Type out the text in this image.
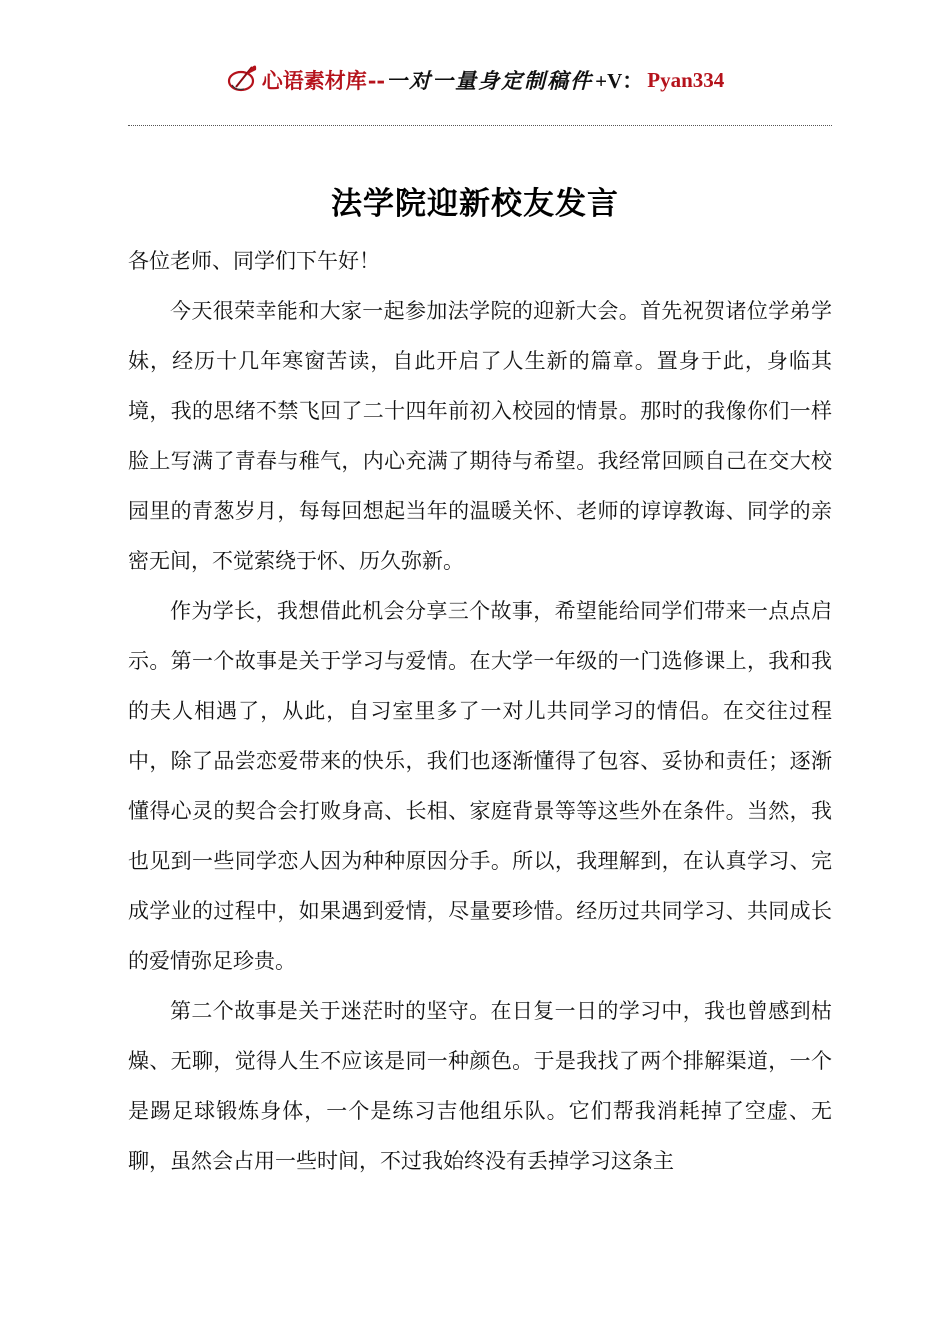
心语素材库 -- 一对一量身定制稿件 +V： Pyan334
法学院迎新校友发言

各位老师、同学们下午好！

今天很荣幸能和大家一起参加法学院的迎新大会。首先祝贺诸位学弟学妹，经历十几年寒窗苦读，自此开启了人生新的篇章。置身于此，身临其境，我的思绪不禁飞回了二十四年前初入校园的情景。那时的我像你们一样脸上写满了青春与稚气，内心充满了期待与希望。我经常回顾自己在交大校园里的青葱岁月，每每回想起当年的温暖关怀、老师的谆谆教诲、同学的亲密无间，不觉萦绕于怀、历久弥新。

作为学长，我想借此机会分享三个故事，希望能给同学们带来一点点启示。第一个故事是关于学习与爱情。在大学一年级的一门选修课上，我和我的夫人相遇了，从此，自习室里多了一对儿共同学习的情侣。在交往过程中，除了品尝恋爱带来的快乐，我们也逐渐懂得了包容、妥协和责任；逐渐懂得心灵的契合会打败身高、长相、家庭背景等等这些外在条件。当然，我也见到一些同学恋人因为种种原因分手。所以，我理解到，在认真学习、完成学业的过程中，如果遇到爱情，尽量要珍惜。经历过共同学习、共同成长的爱情弥足珍贵。

第二个故事是关于迷茫时的坚守。在日复一日的学习中，我也曾感到枯燥、无聊，觉得人生不应该是同一种颜色。于是我找了两个排解渠道，一个是踢足球锻炼身体，一个是练习吉他组乐队。它们帮我消耗掉了空虚、无聊，虽然会占用一些时间，不过我始终没有丢掉学习这条主
